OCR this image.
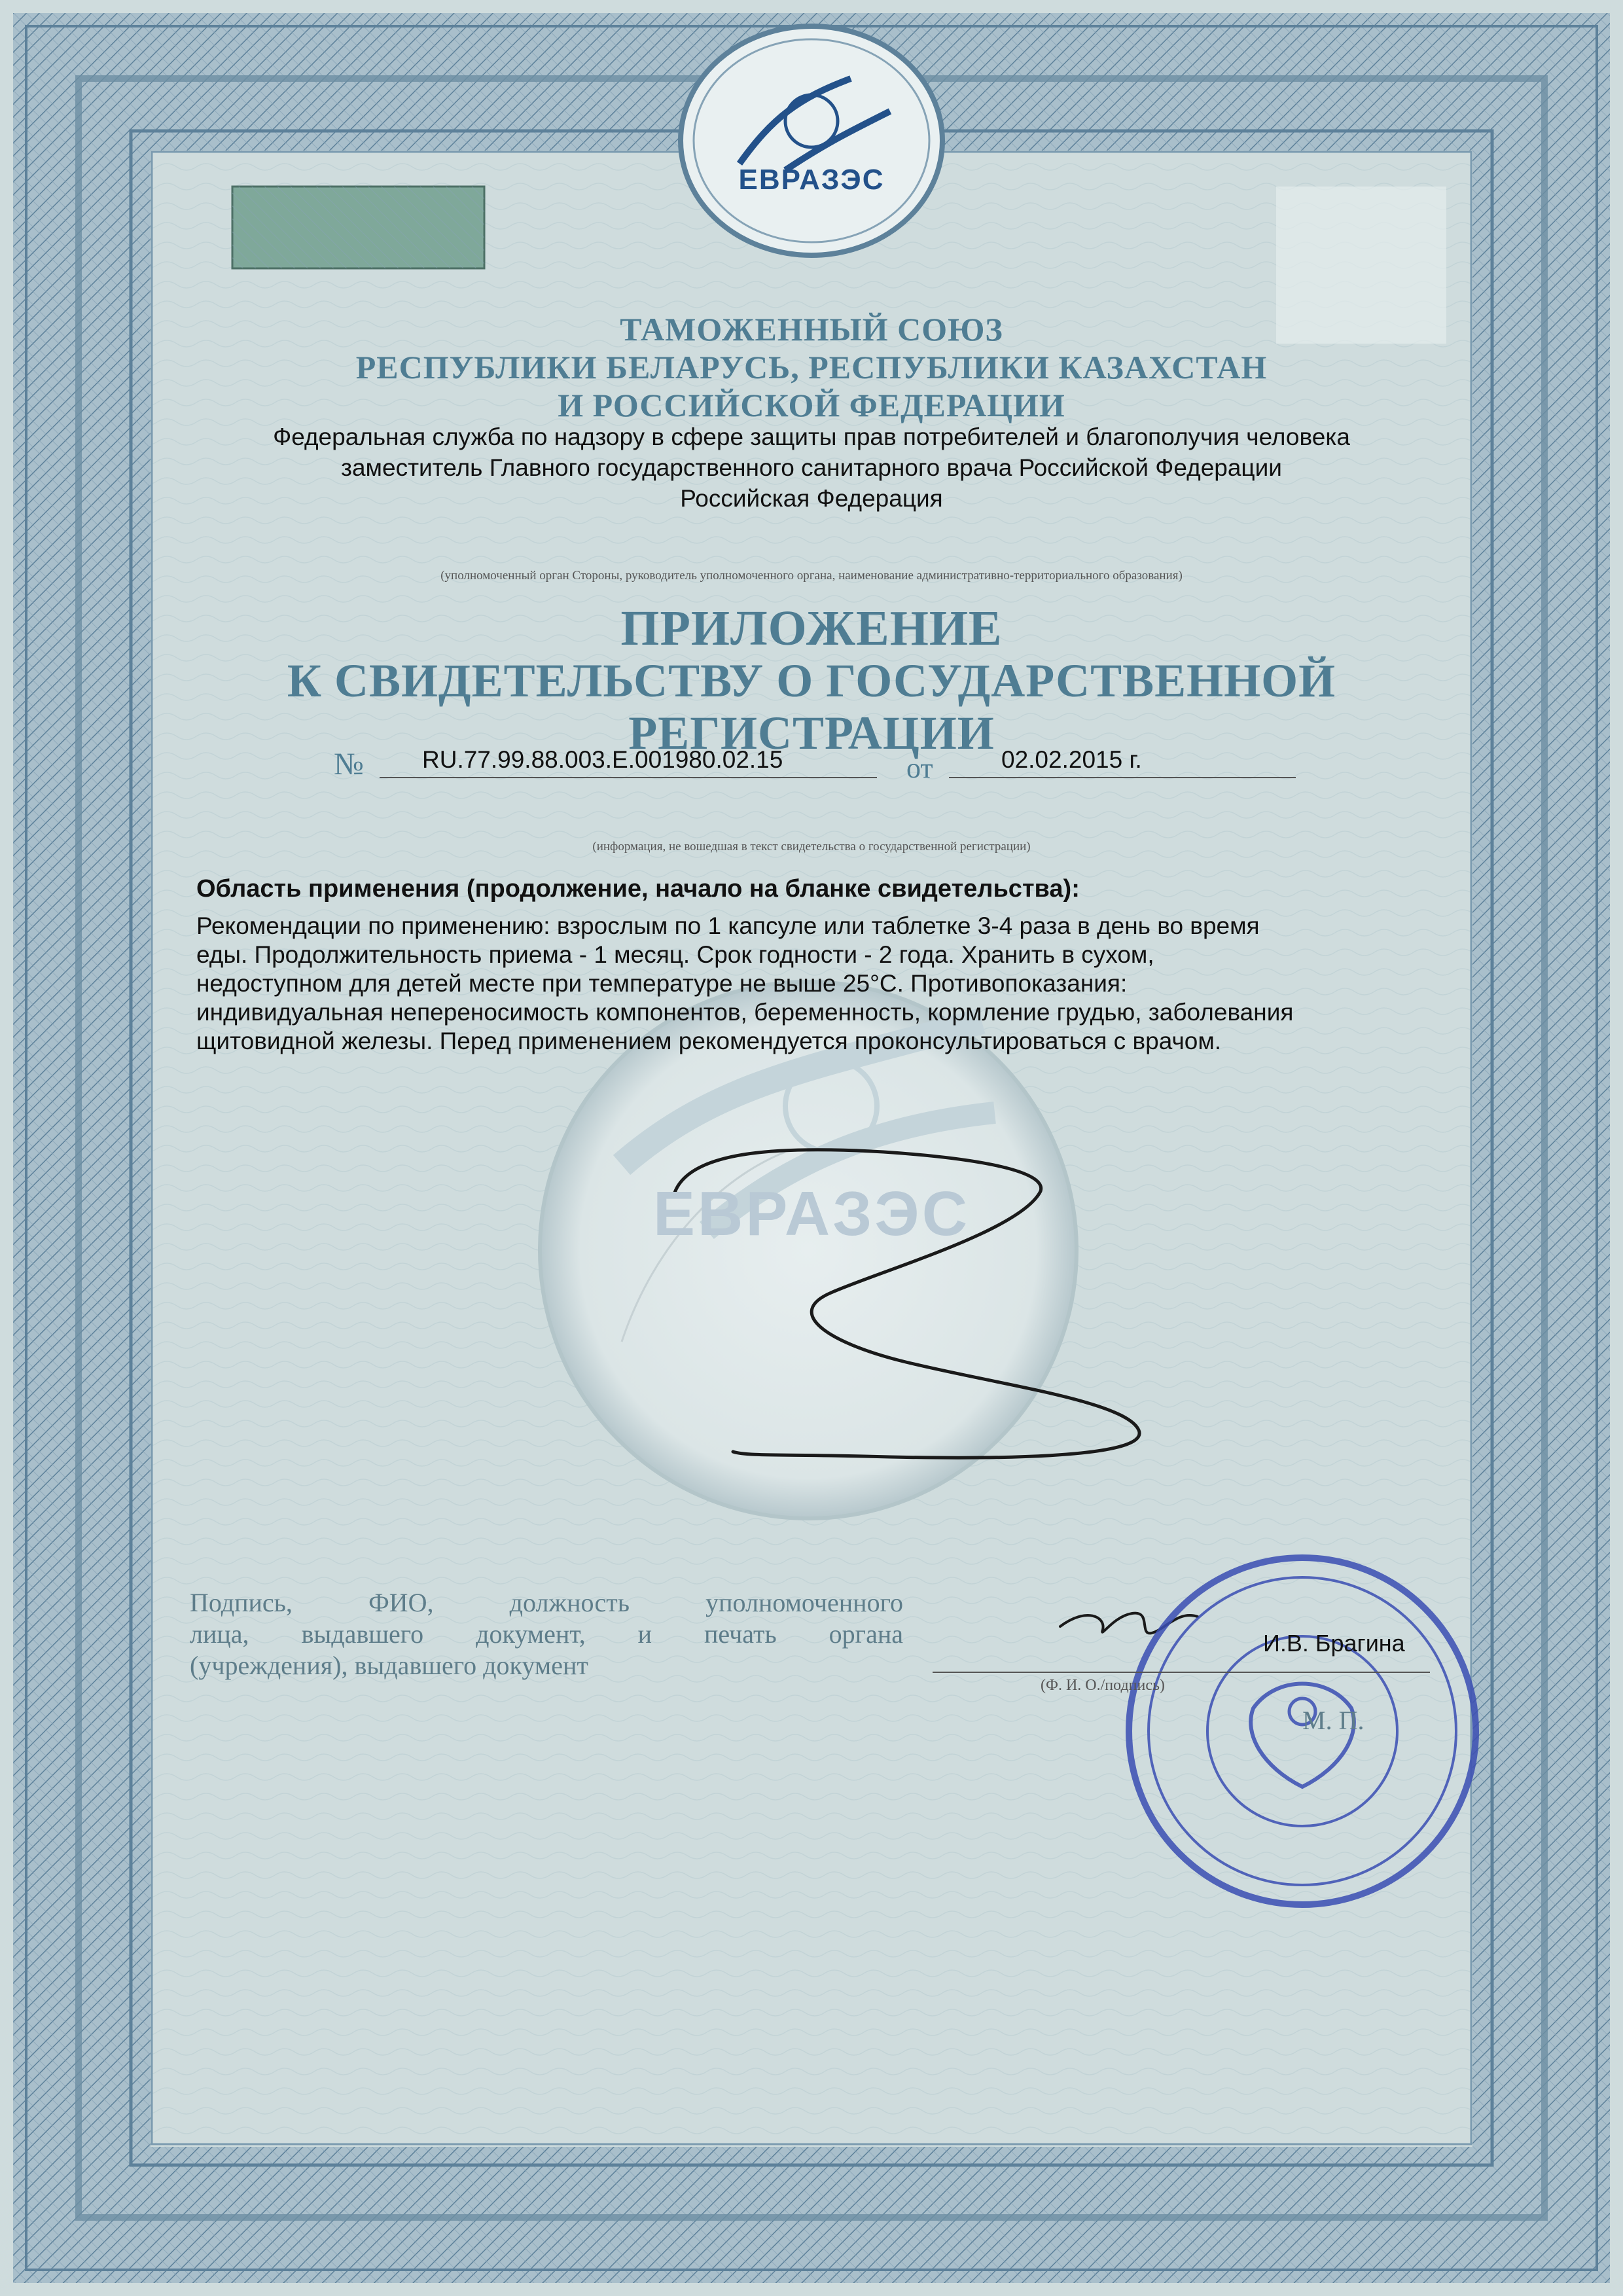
ТАМОЖЕННЫЙ СОЮЗ
РЕСПУБЛИКИ БЕЛАРУСЬ, РЕСПУБЛИКИ КАЗАХСТАН
И РОССИЙСКОЙ ФЕДЕРАЦИИ
Федеральная служба по надзору в сфере защиты прав потребителей и благополучия человека
заместитель Главного государственного санитарного врача Российской Федерации
Российская Федерация
(уполномоченный орган Стороны, руководитель уполномоченного органа, наименование административно-территориального образования)
ПРИЛОЖЕНИЕ
К СВИДЕТЕЛЬСТВУ О ГОСУДАРСТВЕННОЙ РЕГИСТРАЦИИ
№ RU.77.99.88.003.Е.001980.02.15	от	02.02.2015 г.
(информация, не вошедшая в текст свидетельства о государственной регистрации)
Область применения (продолжение, начало на бланке свидетельства):
Рекомендации по применению: взрослым по 1 капсуле или таблетке 3-4 раза в день во время
еды. Продолжительность приема - 1 месяц. Срок годности - 2 года. Хранить в сухом,
недоступном для детей месте при температуре не выше 25°С. Противопоказания:
индивидуальная непереносимость компонентов, беременность, кормление грудью, заболевания
щитовидной железы. Перед применением рекомендуется проконсультироваться с врачом.
ЕВРАЗЭС
ЕВРАЗЭС
Подпись, ФИО, должность уполномоченного
лица, выдавшего документ, и печать органа
(учреждения), выдавшего документ
И.В. Брагина
(Ф. И. О./подпись)
М. П.
